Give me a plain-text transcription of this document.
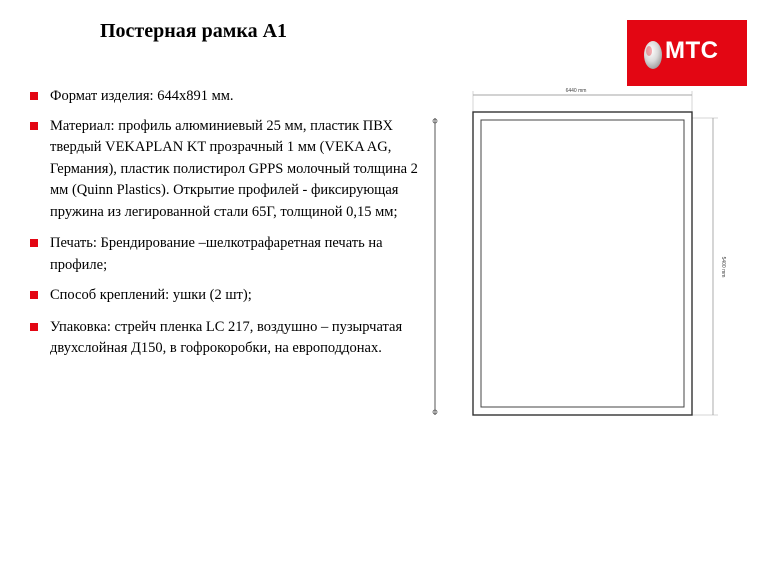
Постерная рамка А1
МТС
Формат изделия: 644х891 мм.
Материал: профиль алюминиевый 25 мм, пластик ПВХ твердый VEKAPLAN KT прозрачный 1 мм (VEKA AG, Германия), пластик полистирол GPPS молочный толщина 2 мм (Quinn Plastics). Открытие профилей - фиксирующая пружина из легированной стали 65Г, толщиной 0,15 мм;
Печать: Брендирование –шелкотрафаретная печать на профиле;
Способ креплений: ушки (2 шт);
Упаковка: стрейч пленка LC 217, воздушно – пузырчатая двухслойная Д150, в гофрокоробки, на европоддонах.
6440 mm
5400 mm
